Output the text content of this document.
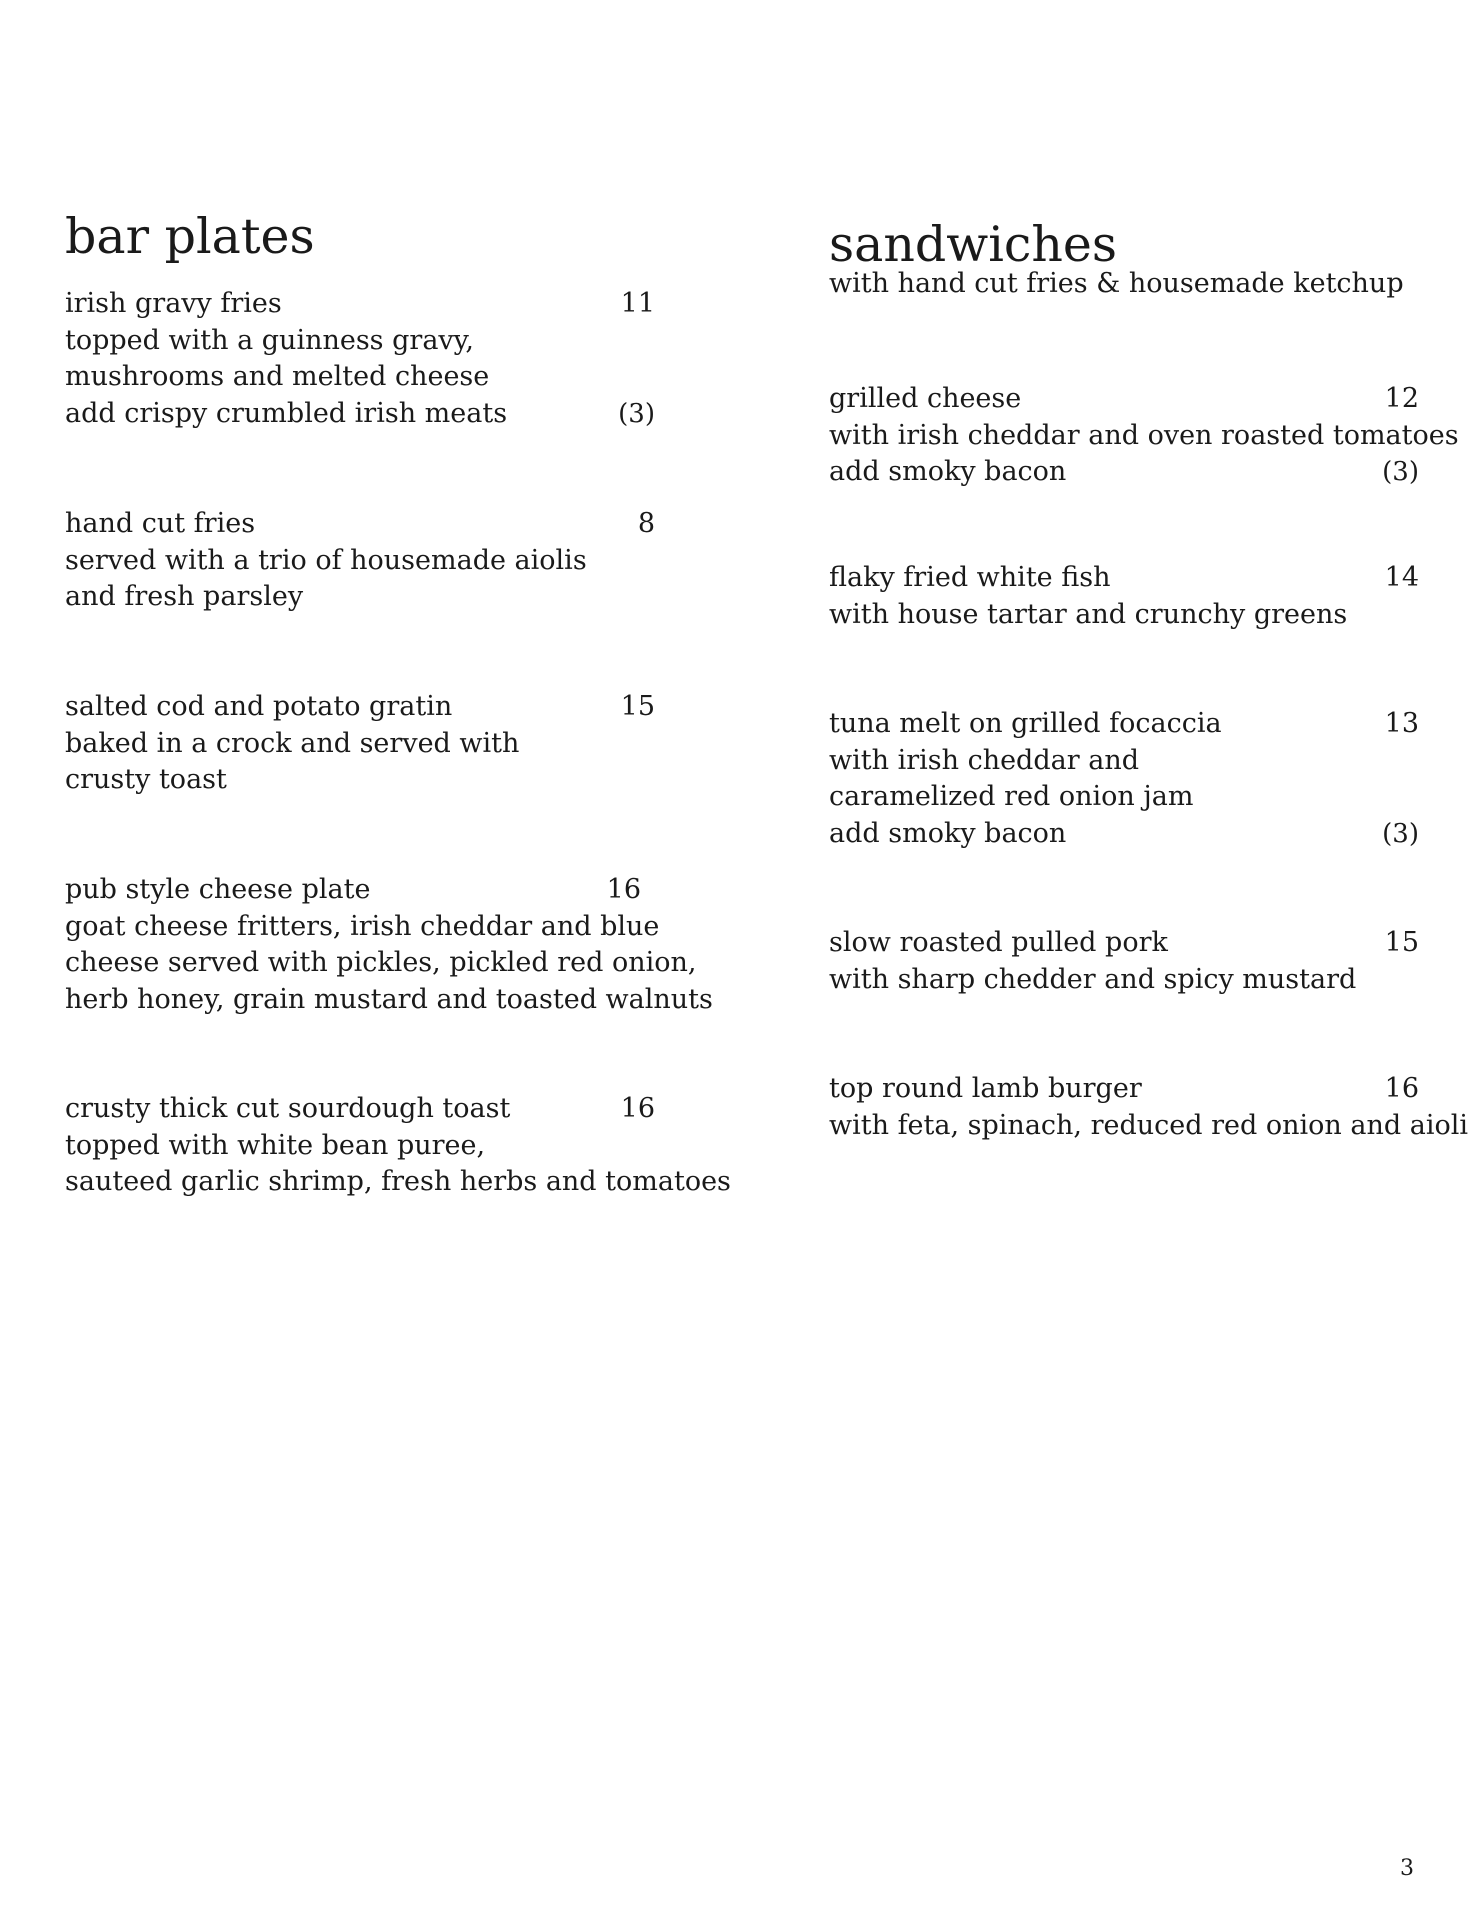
bar plates
irish gravy fries	11
topped with a guinness gravy,
mushrooms and melted cheese
add crispy crumbled irish meats	(3)
hand cut fries	8
served with a trio of housemade aiolis
and fresh parsley
salted cod and potato gratin	15
baked in a crock and served with
crusty toast
pub style cheese plate	16
goat cheese fritters, irish cheddar and blue
cheese served with pickles, pickled red onion,
herb honey, grain mustard and toasted walnuts
crusty thick cut sourdough toast	16
topped with white bean puree,
sauteed garlic shrimp, fresh herbs and tomatoes
sandwiches
with hand cut fries & housemade ketchup
grilled cheese	12
with irish cheddar and oven roasted tomatoes
add smoky bacon	(3)
flaky fried white fish	14
with house tartar and crunchy greens
tuna melt on grilled focaccia	13
with irish cheddar and
caramelized red onion jam
add smoky bacon	(3)
slow roasted pulled pork	15
with sharp chedder and spicy mustard
top round lamb burger	16
with feta, spinach, reduced red onion and aioli
3
